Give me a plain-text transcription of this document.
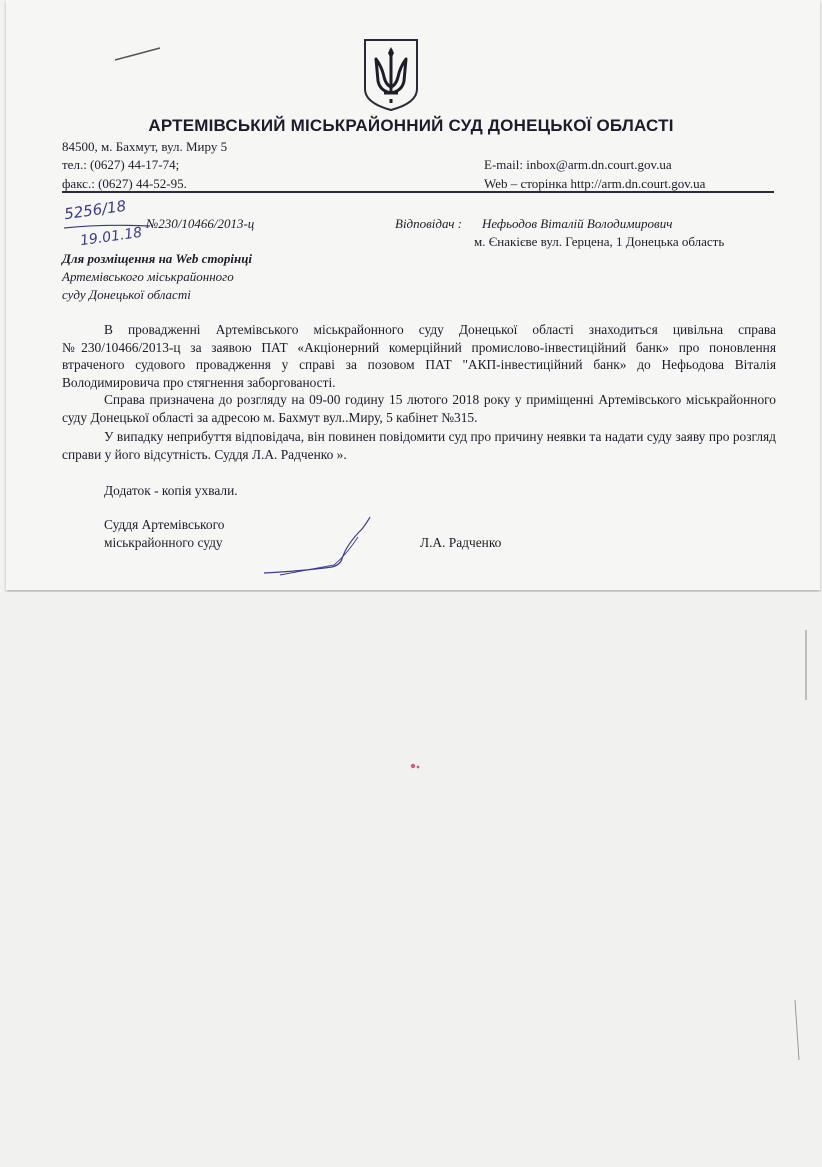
АРТЕМІВСЬКИЙ МІСЬКРАЙОННИЙ СУД ДОНЕЦЬКОЇ ОБЛАСТІ
84500, м. Бахмут, вул. Миру 5
тел.: (0627) 44-17-74;
факс.: (0627) 44-52-95.
E-mail: inbox@arm.dn.court.gov.ua
Web – сторінка http://arm.dn.court.gov.ua
5256/18
19.01.18
№230/10466/2013-ц
Для розміщення на Web сторінці
Артемівського міськрайонного
суду Донецької області
Відповідач : Нефьодов Віталій Володимирович
м. Єнакієве вул. Герцена, 1 Донецька область
В провадженні Артемівського міськрайонного суду Донецької області знаходиться цивільна справа №230/10466/2013-ц за заявою ПАТ «Акціонерний комерційний промислово-інвестиційний банк» про поновлення втраченого судового провадження у справі за позовом ПАТ "АКП-інвестиційний банк» до Нефьодова Віталія Володимировича про стягнення заборгованості.
Справа призначена до розгляду на 09-00 годину 15 лютого 2018 року у приміщенні Артемівського міськрайонного суду Донецької області за адресою м. Бахмут вул..Миру, 5 кабінет №315.
У випадку неприбуття відповідача, він повинен повідомити суд про причину неявки та надати суду заяву про розгляд справи у його відсутність. Суддя Л.А. Радченко ».
Додаток - копія ухвали.
Суддя Артемівського
міськрайонного суду	Л.А. Радченко
